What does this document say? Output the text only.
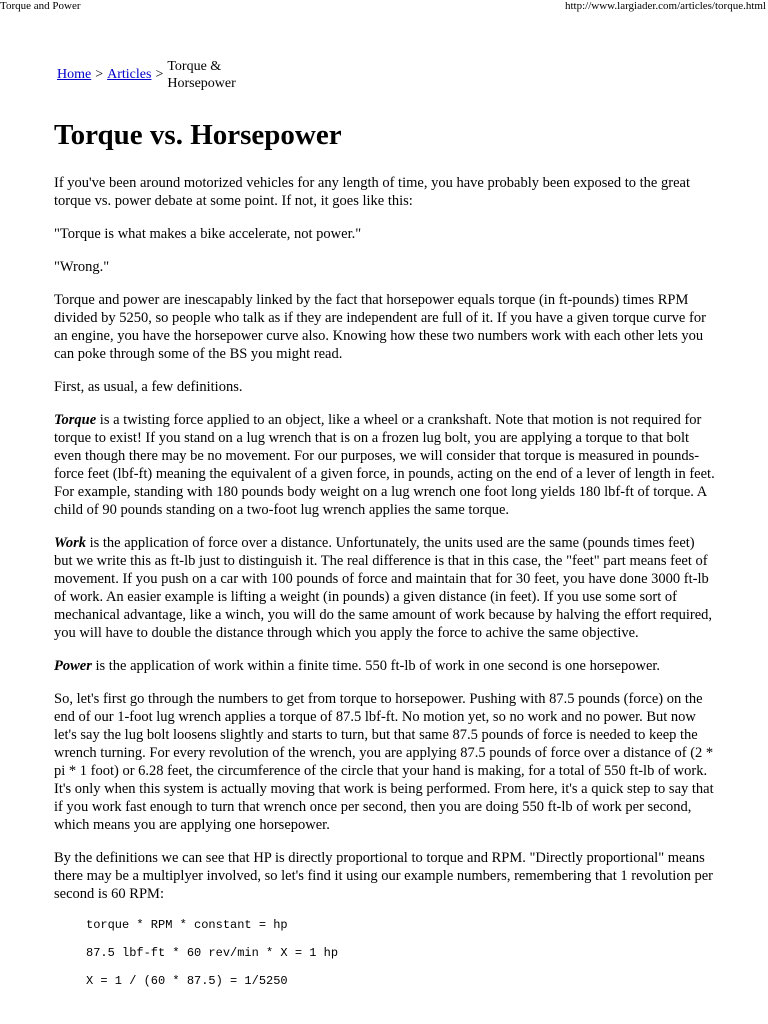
Torque and Power	http://www.largiader.com/articles/torque.html
Home > Articles >
Torque & Horsepower
Torque vs. Horsepower

If you've been around motorized vehicles for any length of time, you have probably been exposed to the great torque vs. power debate at some point. If not, it goes like this:

"Torque is what makes a bike accelerate, not power."

"Wrong."

Torque and power are inescapably linked by the fact that horsepower equals torque (in ft-pounds) times RPM divided by 5250, so people who talk as if they are independent are full of it. If you have a given torque curve for an engine, you have the horsepower curve also. Knowing how these two numbers work with each other lets you can poke through some of the BS you might read.

First, as usual, a few definitions.

Torque is a twisting force applied to an object, like a wheel or a crankshaft. Note that motion is not required for torque to exist! If you stand on a lug wrench that is on a frozen lug bolt, you are applying a torque to that bolt even though there may be no movement. For our purposes, we will consider that torque is measured in pounds-force feet (lbf-ft) meaning the equivalent of a given force, in pounds, acting on the end of a lever of length in feet. For example, standing with 180 pounds body weight on a lug wrench one foot long yields 180 lbf-ft of torque. A child of 90 pounds standing on a two-foot lug wrench applies the same torque.

Work is the application of force over a distance. Unfortunately, the units used are the same (pounds times feet) but we write this as ft-lb just to distinguish it. The real difference is that in this case, the "feet" part means feet of movement. If you push on a car with 100 pounds of force and maintain that for 30 feet, you have done 3000 ft-lb of work. An easier example is lifting a weight (in pounds) a given distance (in feet). If you use some sort of mechanical advantage, like a winch, you will do the same amount of work because by halving the effort required, you will have to double the distance through which you apply the force to achive the same objective.

Power is the application of work within a finite time. 550 ft-lb of work in one second is one horsepower.

So, let's first go through the numbers to get from torque to horsepower. Pushing with 87.5 pounds (force) on the end of our 1-foot lug wrench applies a torque of 87.5 lbf-ft. No motion yet, so no work and no power. But now let's say the lug bolt loosens slightly and starts to turn, but that same 87.5 pounds of force is needed to keep the wrench turning. For every revolution of the wrench, you are applying 87.5 pounds of force over a distance of (2 * pi * 1 foot) or 6.28 feet, the circumference of the circle that your hand is making, for a total of 550 ft-lb of work. It's only when this system is actually moving that work is being performed. From here, it's a quick step to say that if you work fast enough to turn that wrench once per second, then you are doing 550 ft-lb of work per second, which means you are applying one horsepower.

By the definitions we can see that HP is directly proportional to torque and RPM. "Directly proportional" means there may be a multiplyer involved, so let's find it using our example numbers, remembering that 1 revolution per second is 60 RPM:

torque * RPM * constant = hp
87.5 lbf-ft * 60 rev/min * X = 1 hp
X = 1 / (60 * 87.5) = 1/5250
